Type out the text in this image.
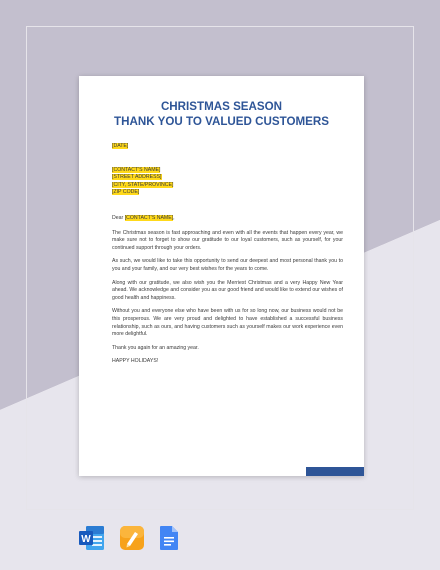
CHRISTMAS SEASON
THANK YOU TO VALUED CUSTOMERS
[DATE]
[CONTACT'S NAME]
[STREET ADDRESS]
[CITY, STATE/PROVINCE]
[ZIP CODE]
Dear [CONTACT'S NAME],
The Christmas season is fast approaching and even with all the events that happen every year, we make sure not to forget to show our gratitude to our loyal customers, such as yourself, for your continued support through your orders.
As such, we would like to take this opportunity to send our deepest and most personal thank you to you and your family, and our very best wishes for the years to come.
Along with our gratitude, we also wish you the Merriest Christmas and a very Happy New Year ahead. We acknowledge and consider you as our good friend and would like to extend our wishes of good health and happiness.
Without you and everyone else who have been with us for so long now, our business would not be this prosperous. We are very proud and delighted to have established a successful business relationship, such as ours, and having customers such as yourself makes our work experience even more delightful.
Thank you again for an amazing year.
HAPPY HOLIDAYS!
W
